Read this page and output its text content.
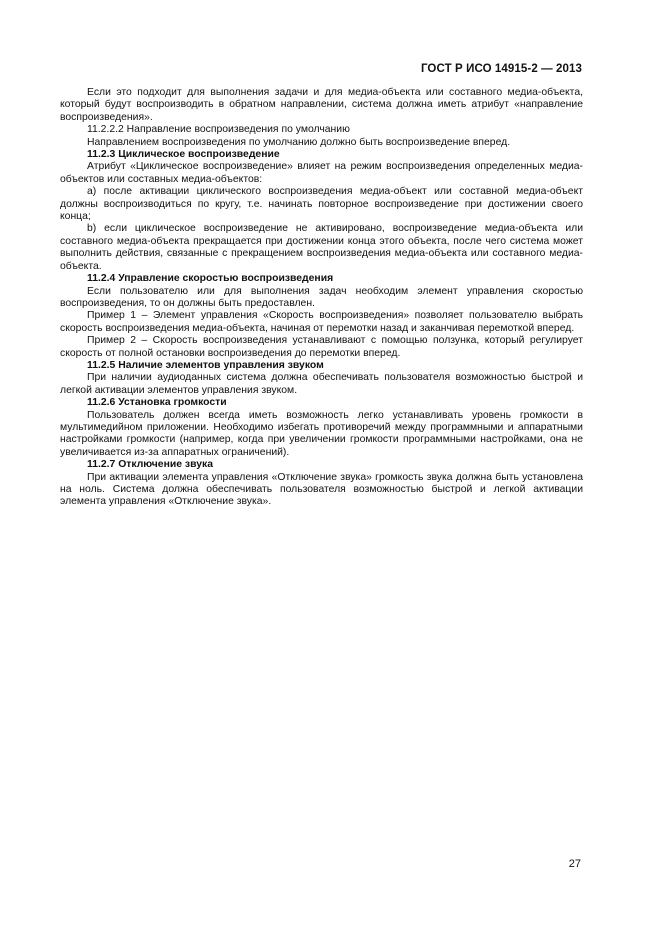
ГОСТ Р ИСО 14915-2 — 2013

Если это подходит для выполнения задачи и для медиа-объекта или составного медиа-объекта, который будут воспроизводить в обратном направлении, система должна иметь атрибут «направление воспроизведения».

11.2.2.2 Направление воспроизведения по умолчанию

Направлением воспроизведения по умолчанию должно быть воспроизведение вперед.

11.2.3 Циклическое воспроизведение

Атрибут «Циклическое воспроизведение» влияет на режим воспроизведения определенных медиа-объектов или составных медиа-объектов:

a) после активации циклического воспроизведения медиа-объект или составной медиа-объект должны воспроизводиться по кругу, т.е. начинать повторное воспроизведение при достижении своего конца;

b) если циклическое воспроизведение не активировано, воспроизведение медиа-объекта или составного медиа-объекта прекращается при достижении конца этого объекта, после чего система может выполнить действия, связанные с прекращением воспроизведения медиа-объекта или составного медиа-объекта.

11.2.4 Управление скоростью воспроизведения

Если пользователю или для выполнения задач необходим элемент управления скоростью воспроизведения, то он должны быть предоставлен.

Пример 1 – Элемент управления «Скорость воспроизведения» позволяет пользователю выбрать скорость воспроизведения медиа-объекта, начиная от перемотки назад и заканчивая перемоткой вперед.

Пример 2 – Скорость воспроизведения устанавливают с помощью ползунка, который регулирует скорость от полной остановки воспроизведения до перемотки вперед.

11.2.5 Наличие элементов управления звуком

При наличии аудиоданных система должна обеспечивать пользователя возможностью быстрой и легкой активации элементов управления звуком.

11.2.6 Установка громкости

Пользователь должен всегда иметь возможность легко устанавливать уровень громкости в мультимедийном приложении. Необходимо избегать противоречий между программными и аппаратными настройками громкости (например, когда при увеличении громкости программными настройками, она не увеличивается из-за аппаратных ограничений).

11.2.7 Отключение звука

При активации элемента управления «Отключение звука» громкость звука должна быть установлена на ноль. Система должна обеспечивать пользователя возможностью быстрой и легкой активации элемента управления «Отключение звука».

27
